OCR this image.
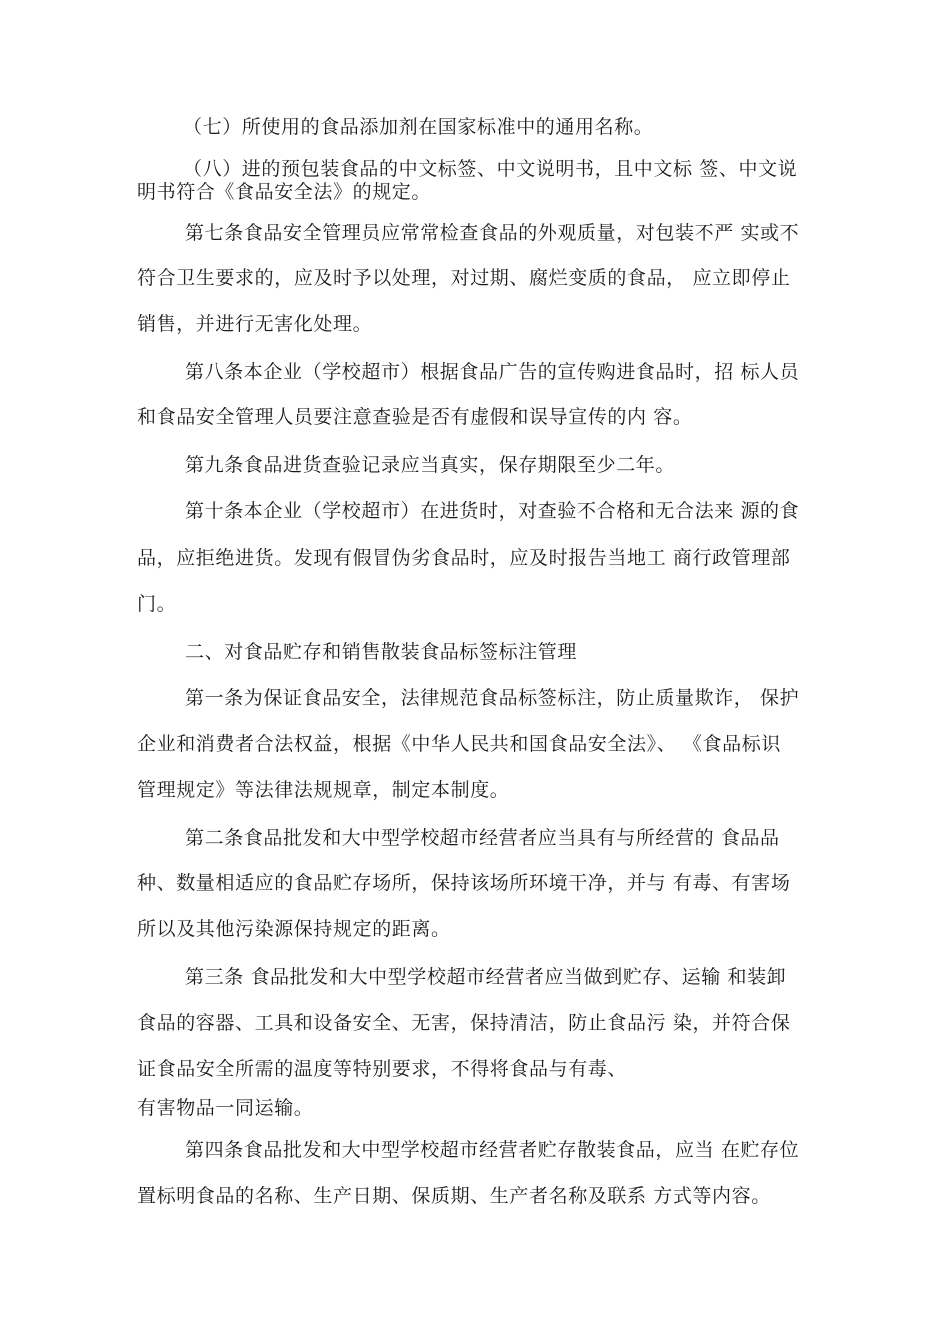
（七）所使用的食品添加剂在国家标准中的通用名称。
（八）进的预包装食品的中文标签、中文说明书，且中文标 签、中文说
明书符合《食品安全法》的规定。
第七条食品安全管理员应常常检查食品的外观质量，对包装不严 实或不
符合卫生要求的，应及时予以处理，对过期、腐烂变质的食品， 应立即停止
销售，并进行无害化处理。
第八条本企业（学校超市）根据食品广告的宣传购进食品时，招 标人员
和食品安全管理人员要注意查验是否有虚假和误导宣传的内 容。
第九条食品进货查验记录应当真实，保存期限至少二年。
第十条本企业（学校超市）在进货时，对查验不合格和无合法来 源的食
品，应拒绝进货。发现有假冒伪劣食品时，应及时报告当地工 商行政管理部
门。
二、对食品贮存和销售散装食品标签标注管理
第一条为保证食品安全，法律规范食品标签标注，防止质量欺诈， 保护
企业和消费者合法权益，根据《中华人民共和国食品安全法》、 《食品标识
管理规定》等法律法规规章，制定本制度。
第二条食品批发和大中型学校超市经营者应当具有与所经营的 食品品
种、数量相适应的食品贮存场所，保持该场所环境干净，并与 有毒、有害场
所以及其他污染源保持规定的距离。
第三条 食品批发和大中型学校超市经营者应当做到贮存、运输 和装卸
食品的容器、工具和设备安全、无害，保持清洁，防止食品污 染，并符合保
证食品安全所需的温度等特别要求，不得将食品与有毒、
有害物品一同运输。
第四条食品批发和大中型学校超市经营者贮存散装食品，应当 在贮存位
置标明食品的名称、生产日期、保质期、生产者名称及联系 方式等内容。
